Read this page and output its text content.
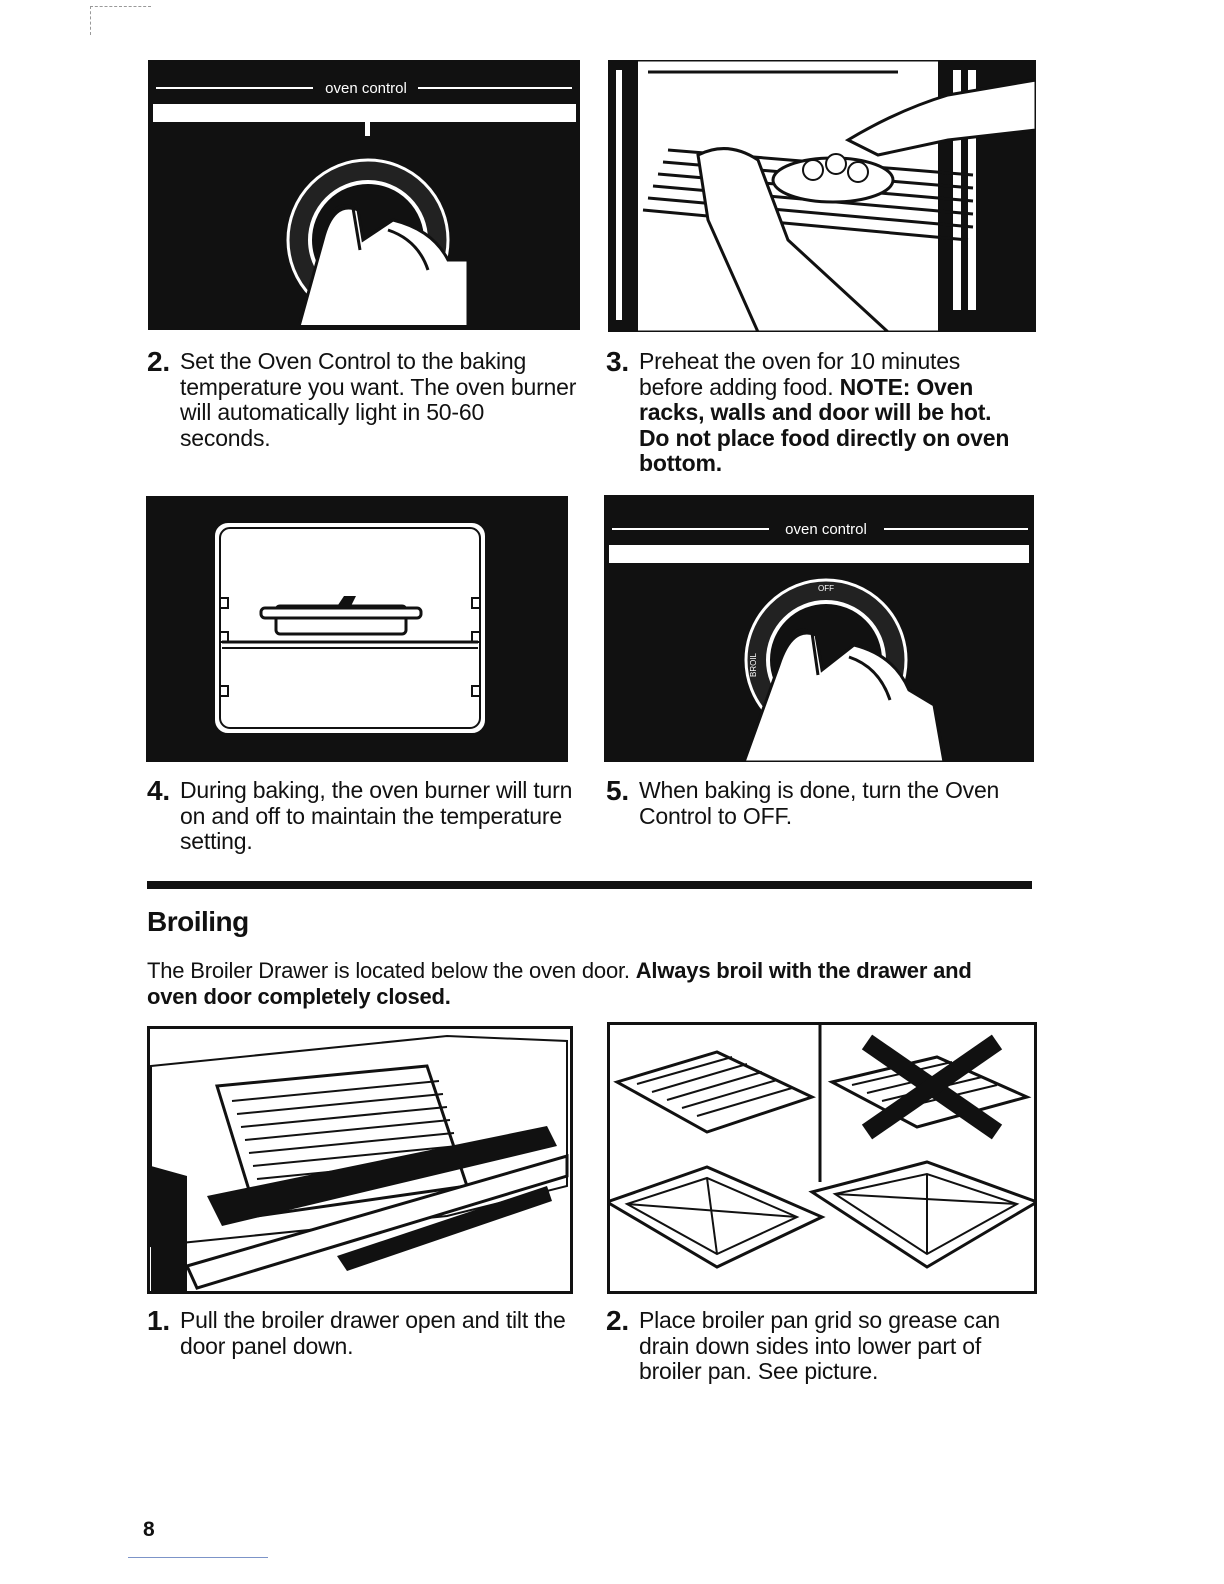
oven control
2. Set the Oven Control to the baking temperature you want. The oven burner will automatically light in 50-60 seconds.
3. Preheat the oven for 10 minutes before adding food. NOTE: Oven racks, walls and door will be hot. Do not place food directly on oven bottom.
oven control
OFF
BROIL
4. During baking, the oven burner will turn on and off to maintain the temperature setting.
5. When baking is done, turn the Oven Control to OFF.
Broiling
The Broiler Drawer is located below the oven door. Always broil with the drawer and oven door completely closed.
1. Pull the broiler drawer open and tilt the door panel down.
2. Place broiler pan grid so grease can drain down sides into lower part of broiler pan. See picture.
8
